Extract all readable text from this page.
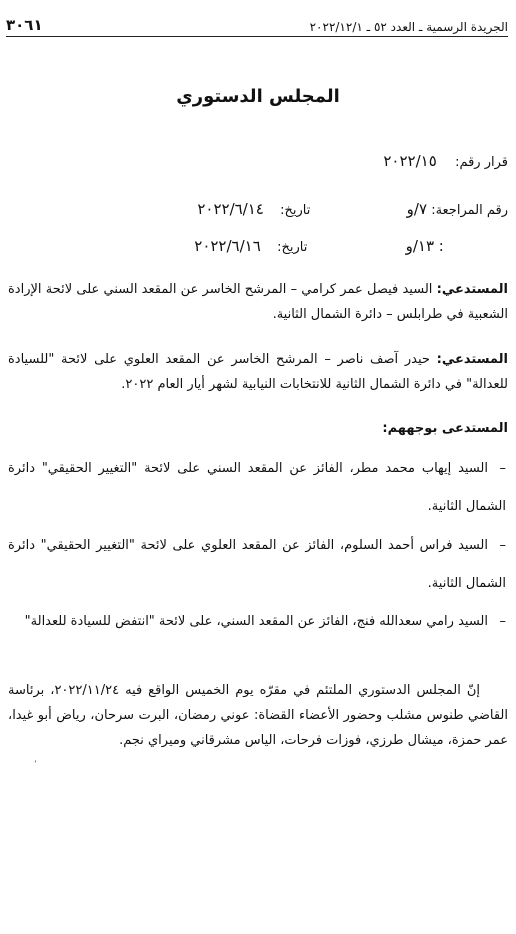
الجريدة الرسمية ـ العدد ٥٢ ـ ٢٠٢٢/١٢/١
٣٠٦١
المجلس الدستوري
قرار رقم:  ٢٠٢٢/١٥
رقم المراجعة: ٧/و  تاريخ:  ٢٠٢٢/٦/١٤
: ١٣/و  تاريخ:  ٢٠٢٢/٦/١٦
المستدعي: السيد فيصل عمر كرامي – المرشح الخاسر عن المقعد السني على لائحة الإرادة الشعبية في طرابلس – دائرة الشمال الثانية.
المستدعي: حيدر آصف ناصر – المرشح الخاسر عن المقعد العلوي على لائحة "للسيادة للعدالة" في دائرة الشمال الثانية للانتخابات النيابية لشهر أيار العام ٢٠٢٢.
المستدعى بوجههم:
–السيد إيهاب محمد مطر، الفائز عن المقعد السني على لائحة "التغيير الحقيقي" دائرة الشمال الثانية.
–السيد فراس أحمد السلوم، الفائز عن المقعد العلوي على لائحة "التغيير الحقيقي" دائرة الشمال الثانية.
–السيد رامي سعدالله فنج، الفائز عن المقعد السني، على لائحة "انتفض للسيادة للعدالة"
إنّ المجلس الدستوري الملتئم في مقرّه يوم الخميس الواقع فيه ٢٠٢٢/١١/٢٤، برئاسة القاضي طنوس مشلب وحضور الأعضاء القضاة: عوني رمضان، البرت سرحان، رياض أبو غيدا، عمر حمزة، ميشال طرزي، فوزات فرحات، الياس مشرقاني وميراي نجم.
ʼ
